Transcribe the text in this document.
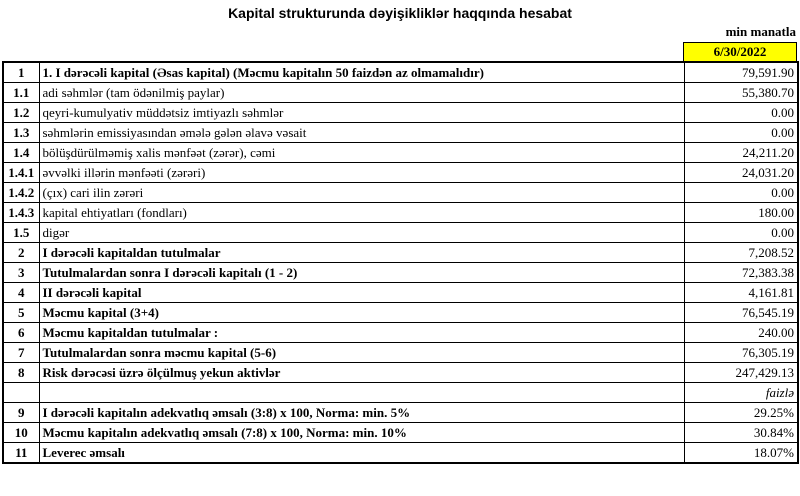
Kapital strukturunda dəyişikliklər haqqında hesabat
min manatla
6/30/2022
1	1. I dərəcəli kapital (Əsas kapital) (Məcmu kapitalın 50 faizdən az olmamalıdır)	79,591.90
1.1	adi səhmlər (tam ödənilmiş paylar)	55,380.70
1.2	qeyri-kumulyativ müddətsiz imtiyazlı səhmlər	0.00
1.3	səhmlərin emissiyasından əmələ gələn əlavə vəsait	0.00
1.4	bölüşdürülməmiş xalis mənfəət (zərər), cəmi	24,211.20
1.4.1	əvvəlki illərin mənfəəti (zərəri)	24,031.20
1.4.2	(çıx) cari ilin zərəri	0.00
1.4.3	kapital ehtiyatları (fondları)	180.00
1.5	digər	0.00
2	I dərəcəli kapitaldan tutulmalar	7,208.52
3	Tutulmalardan sonra I dərəcəli kapitalı (1 - 2)	72,383.38
4	II dərəcəli kapital	4,161.81
5	Məcmu kapital (3+4)	76,545.19
6	Məcmu kapitaldan tutulmalar :	240.00
7	Tutulmalardan sonra məcmu kapital (5-6)	76,305.19
8	Risk dərəcəsi üzrə ölçülmuş yekun aktivlər	247,429.13
		faizlə
9	I dərəcəli kapitalın adekvatlıq əmsalı (3:8) x 100, Norma: min. 5%	29.25%
10	Məcmu kapitalın adekvatlıq əmsalı (7:8) x 100, Norma: min. 10%	30.84%
11	Leverec əmsalı	18.07%
